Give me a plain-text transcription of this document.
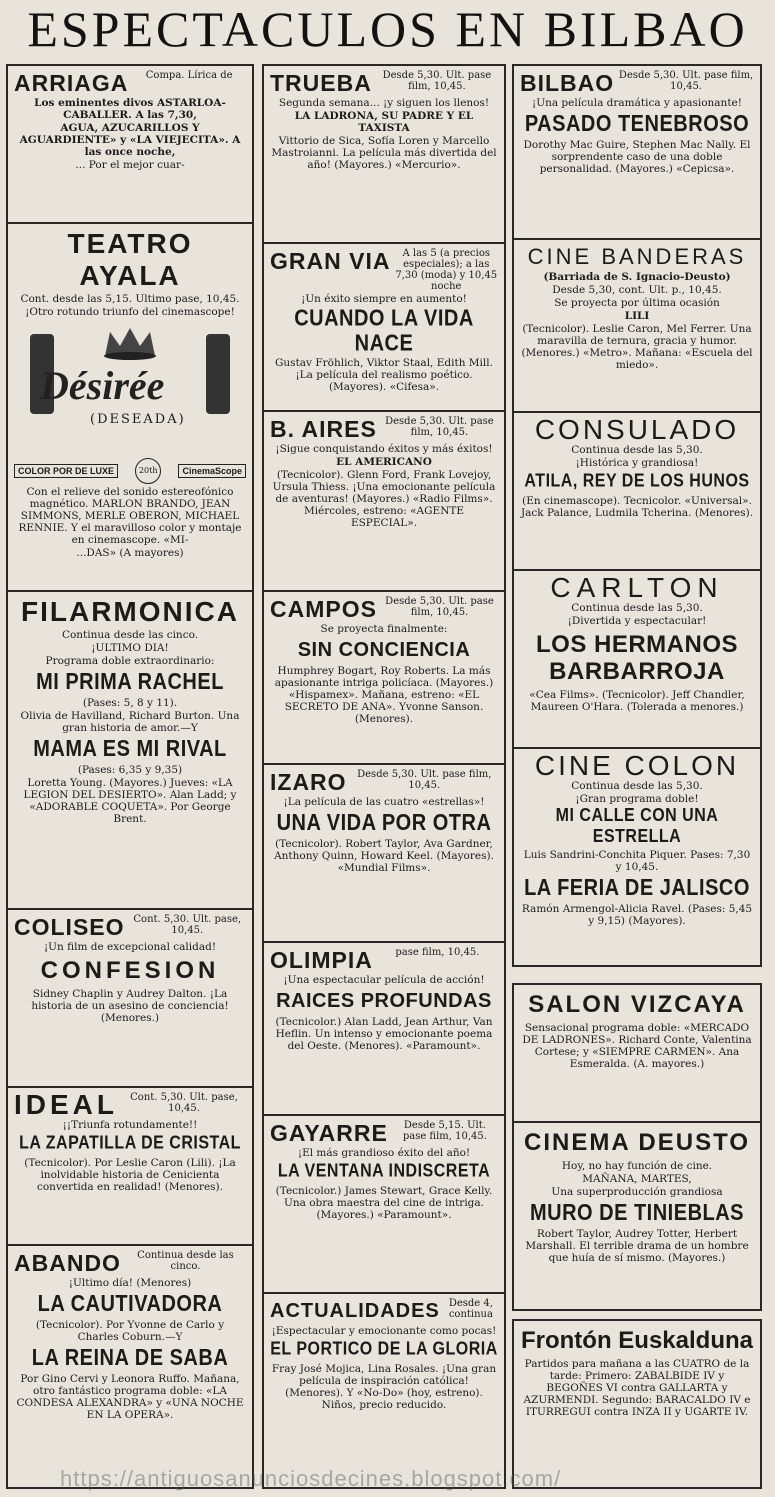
ESPECTACULOS EN BILBAO
ARRIAGA	Compa. Lírica de
Los eminentes divos ASTARLOA-CABALLER. A las 7,30,
AGUA, AZUCARILLOS Y AGUARDIENTE» y «LA VIEJECITA». A las once noche,
... Por el mejor cuar-
TEATRO AYALA
Cont. desde las 5,15. Ultimo pase, 10,45.
¡Otro rotundo triunfo del cinemascope!
Désirée
(DESEADA)
COLOR POR DE LUXE	20th	CinemaScope
Con el relieve del sonido estereofónico magnético. MARLON BRANDO, JEAN SIMMONS, MERLE OBERON, MICHAEL RENNIE. Y el maravilloso color y montaje en cinemascope. «MI-
...DAS» (A mayores)
FILARMONICA
Continua desde las cinco.
¡ULTIMO DIA!
Programa doble extraordinario:
MI PRIMA RACHEL
(Pases: 5, 8 y 11).
Olivia de Havilland, Richard Burton. Una gran historia de amor.—Y
MAMA ES MI RIVAL
(Pases: 6,35 y 9,35)
Loretta Young. (Mayores.) Jueves: «LA LEGION DEL DESIERTO». Alan Ladd; y «ADORABLE COQUETA». Por George Brent.
COLISEO Cont. 5,30. Ult. pase, 10,45.
¡Un film de excepcional calidad!
CONFESION
Sidney Chaplin y Audrey Dalton. ¡La historia de un asesino de conciencia! (Menores.)
IDEAL	Cont. 5,30. Ult. pase, 10,45.
¡¡Triunfa rotundamente!!
LA ZAPATILLA DE CRISTAL
(Tecnicolor). Por Leslie Caron (Lili). ¡La inolvidable historia de Cenicienta convertida en realidad! (Menores).
ABANDO	Continua desde las cinco.
¡Ultimo día! (Menores)
LA CAUTIVADORA
(Tecnicolor). Por Yvonne de Carlo y Charles Coburn.—Y
LA REINA DE SABA
Por Gino Cervi y Leonora Ruffo. Mañana, otro fantástico programa doble: «LA CONDESA ALEXANDRA» y «UNA NOCHE EN LA OPERA».
TRUEBA	Desde 5,30. Ult. pase film, 10,45.
Segunda semana... ¡y siguen los llenos!
LA LADRONA, SU PADRE Y EL TAXISTA
Vittorio de Sica, Sofía Loren y Marcello Mastroianni. La película más divertida del año! (Mayores.) «Mercurio».
GRAN VIA	A las 5 (a precios especiales); a las 7,30 (moda) y 10,45 noche
¡Un éxito siempre en aumento!
CUANDO LA VIDA NACE
Gustav Fröhlich, Viktor Staal, Edith Mill. ¡La película del realismo poético. (Mayores). «Cifesa».
B. AIRES Desde 5,30. Ult. pase film, 10,45.
¡Sigue conquistando éxitos y más éxitos!
EL AMERICANO
(Tecnicolor). Glenn Ford, Frank Lovejoy, Ursula Thiess. ¡Una emocionante película de aventuras! (Mayores.) «Radio Films». Miércoles, estreno: «AGENTE ESPECIAL».
CAMPOS Desde 5,30. Ult. pase film, 10,45.
Se proyecta finalmente:
SIN CONCIENCIA
Humphrey Bogart, Roy Roberts. La más apasionante intriga policíaca. (Mayores.) «Hispamex». Mañana, estreno: «EL SECRETO DE ANA». Yvonne Sanson. (Menores).
IZARO	Desde 5,30. Ult. pase film, 10,45.
¡La película de las cuatro «estrellas»!
UNA VIDA POR OTRA
(Tecnicolor). Robert Taylor, Ava Gardner, Anthony Quinn, Howard Keel. (Mayores). «Mundial Films».
OLIMPIA	pase film, 10,45.
¡Una espectacular película de acción!
RAICES PROFUNDAS
(Tecnicolor.) Alan Ladd, Jean Arthur, Van Heflin. Un intenso y emocionante poema del Oeste. (Menores). «Paramount».
GAYARRE	Desde 5,15. Ult. pase film, 10,45.
¡El más grandioso éxito del año!
LA VENTANA INDISCRETA
(Tecnicolor.) James Stewart, Grace Kelly. Una obra maestra del cine de intriga. (Mayores.) «Paramount».
ACTUALIDADES Desde 4, continua
¡Espectacular y emocionante como pocas!
EL PORTICO DE LA GLORIA
Fray José Mojica, Lina Rosales. ¡Una gran película de inspiración católica! (Menores). Y «No-Do» (hoy, estreno). Niños, precio reducido.
BILBAO Desde 5,30. Ult. pase film, 10,45.
¡Una película dramática y apasionante!
PASADO TENEBROSO
Dorothy Mac Guire, Stephen Mac Nally. El sorprendente caso de una doble personalidad. (Mayores.) «Cepicsa».
CINE BANDERAS
(Barriada de S. Ignacio-Deusto)
Desde 5,30, cont. Ult. p., 10,45.
Se proyecta por última ocasión
LILI
(Tecnicolor). Leslie Caron, Mel Ferrer. Una maravilla de ternura, gracia y humor. (Menores.) «Metro». Mañana: «Escuela del miedo».
CONSULADO
Continua desde las 5,30.
¡Histórica y grandiosa!
ATILA, REY DE LOS HUNOS
(En cinemascope). Tecnicolor. «Universal». Jack Palance, Ludmila Tcherina. (Menores).
CARLTON
Continua desde las 5,30.
¡Divertida y espectacular!
LOS HERMANOS BARBARROJA
«Cea Films». (Tecnicolor). Jeff Chandler, Maureen O'Hara. (Tolerada a menores.)
CINE COLON
Continua desde las 5,30.
¡Gran programa doble!
MI CALLE CON UNA ESTRELLA
Luis Sandrini-Conchita Piquer. Pases: 7,30 y 10,45.
LA FERIA DE JALISCO
Ramón Armengol-Alicia Ravel. (Pases: 5,45 y 9,15) (Mayores).
SALON VIZCAYA
Sensacional programa doble: «MERCADO DE LADRONES». Richard Conte, Valentina Cortese; y «SIEMPRE CARMEN». Ana Esmeralda. (A. mayores.)
CINEMA DEUSTO
Hoy, no hay función de cine.
MAÑANA, MARTES,
Una superproducción grandiosa
MURO DE TINIEBLAS
Robert Taylor, Audrey Totter, Herbert Marshall. El terrible drama de un hombre que huía de sí mismo. (Mayores.)
Frontón Euskalduna
Partidos para mañana a las CUATRO de la tarde: Primero: ZABALBIDE IV y BEGOÑES VI contra GALLARTA y AZURMENDI. Segundo: BARACALDO IV e ITURREGUI contra INZA II y UGARTE IV.
https://antiguosanunciosdecines.blogspot.com/
